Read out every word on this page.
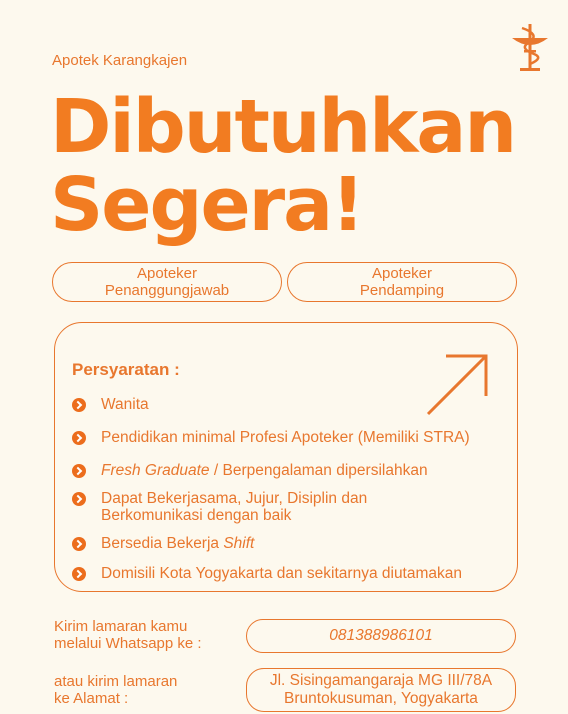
Apotek Karangkajen
Dibutuhkan
Segera!
Apoteker
Penanggungjawab
Apoteker
Pendamping
Persyaratan :
Wanita
Pendidikan minimal Profesi Apoteker (Memiliki STRA)
Fresh Graduate / Berpengalaman dipersilahkan
Dapat Bekerjasama, Jujur, Disiplin dan
Berkomunikasi dengan baik
Bersedia Bekerja Shift
Domisili Kota Yogyakarta dan sekitarnya diutamakan
Kirim lamaran kamu
melalui Whatsapp ke :	081388986101
atau kirim lamaran
ke Alamat :
Jl. Sisingamangaraja MG III/78A
Bruntokusuman, Yogyakarta
